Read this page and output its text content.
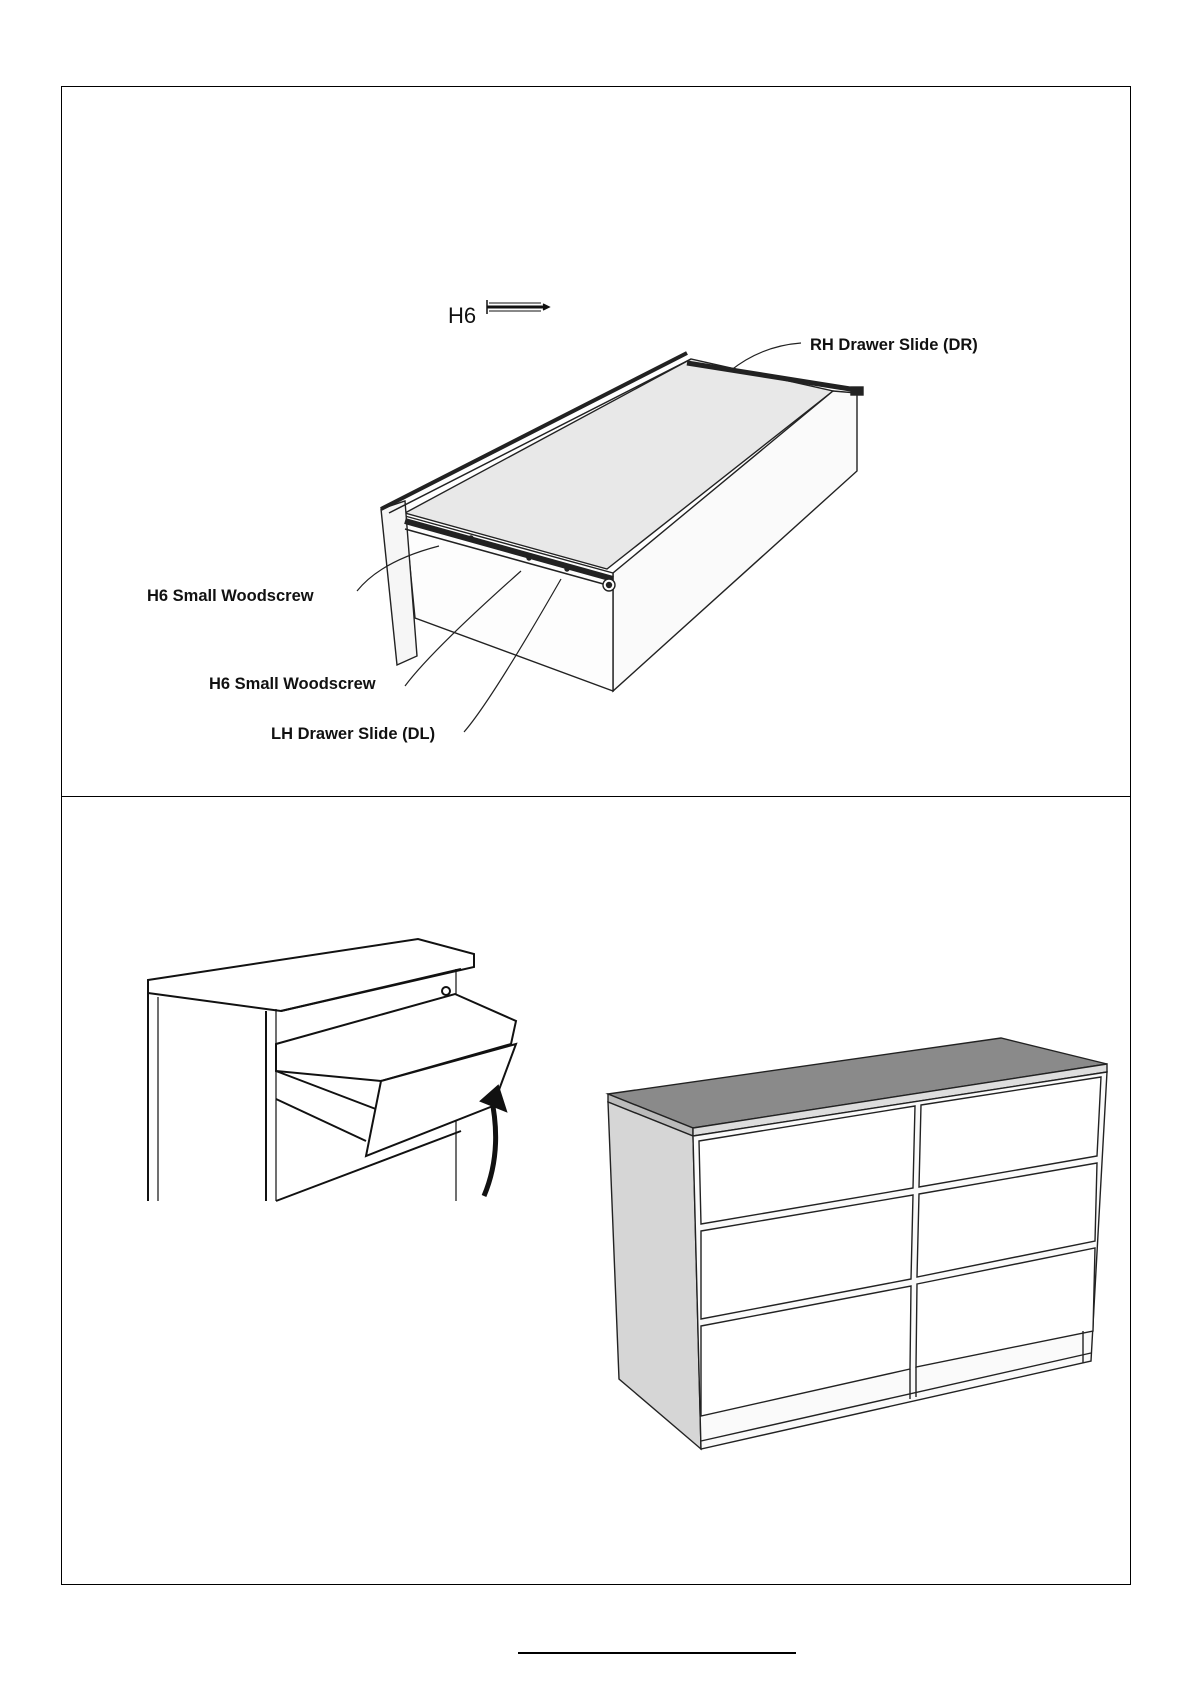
H6
RH Drawer Slide (DR)
H6 Small Woodscrew
H6 Small Woodscrew
LH Drawer Slide (DL)
